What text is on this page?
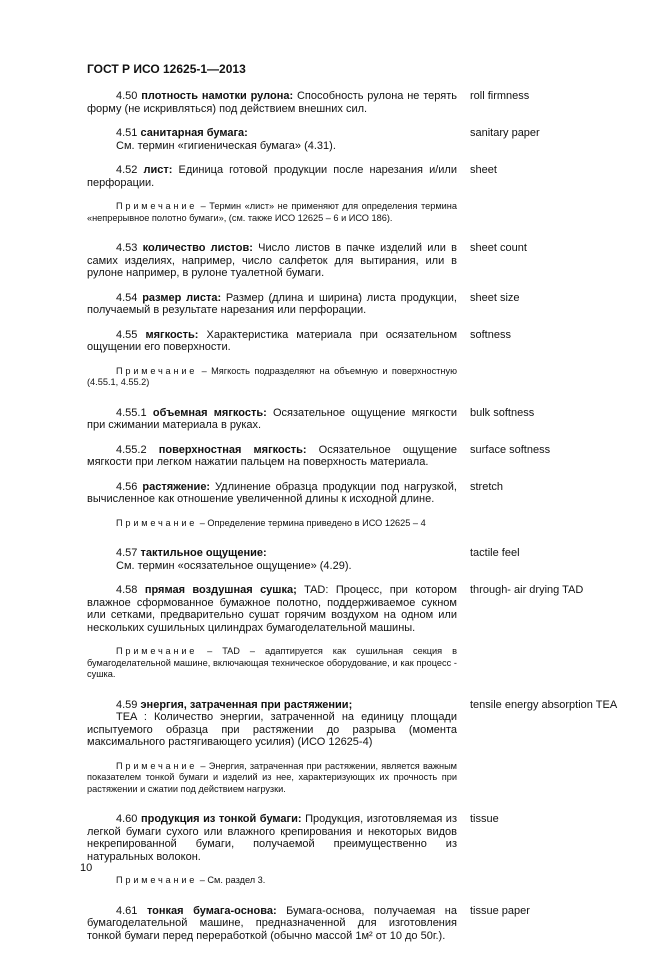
ГОСТ Р ИСО 12625-1—2013

4.50 плотность намотки рулона: Способность рулона не терять форму (не искривляться) под действием внешних сил.

roll firmness

4.51 санитарная бумага:

См. термин «гигиеническая бумага» (4.31).

sanitary paper

4.52 лист: Единица готовой продукции после нарезания и/или перфорации.

sheet

Примечание – Термин «лист» не применяют для определения термина «непрерывное полотно бумаги», (см. также ИСО 12625 – 6 и ИСО 186).

4.53 количество листов: Число листов в пачке изделий или в самих изделиях, например, число салфеток для вытирания, или в рулоне например, в рулоне туалетной бумаги.

sheet count

4.54 размер листа: Размер (длина и ширина) листа продукции, получаемый в результате нарезания или перфорации.

sheet size

4.55 мягкость: Характеристика материала при осязательном ощущении его поверхности.

softness

Примечание – Мягкость подразделяют на объемную и поверхностную (4.55.1, 4.55.2)

4.55.1 объемная мягкость: Осязательное ощущение мягкости при сжимании материала в руках.

bulk softness

4.55.2 поверхностная мягкость: Осязательное ощущение мягкости при легком нажатии пальцем на поверхность материала.

surface softness

4.56 растяжение: Удлинение образца продукции под нагрузкой, вычисленное как отношение увеличенной длины к исходной длине.

stretch

Примечание – Определение термина приведено в ИСО 12625 – 4

4.57 тактильное ощущение:

См. термин «осязательное ощущение» (4.29).

tactile feel

4.58 прямая воздушная сушка; TAD: Процесс, при котором влажное сформованное бумажное полотно, поддерживаемое сукном или сетками, предварительно сушат горячим воздухом на одном или нескольких сушильных цилиндрах бумагоделательной машины.

through- air drying TAD

Примечание – TAD – адаптируется как сушильная секция в бумагоделательной машине, включающая техническое оборудование, и как процесс - сушка.

4.59 энергия, затраченная при растяжении;

TEA : Количество энергии, затраченной на единицу площади испытуемого образца при растяжении до разрыва (момента максимального растягивающего усилия) (ИСО 12625-4)

tensile energy absorption TEA

Примечание – Энергия, затраченная при растяжении, является важным показателем тонкой бумаги и изделий из нее, характеризующих их прочность при растяжении и сжатии под действием нагрузки.

4.60 продукция из тонкой бумаги: Продукция, изготовляемая из легкой бумаги сухого или влажного крепирования и некоторых видов некрепированной бумаги, получаемой преимущественно из натуральных волокон.

tissue

Примечание – См. раздел 3.

4.61 тонкая бумага-основа: Бумага-основа, получаемая на бумагоделательной машине, предназначенной для изготовления тонкой бумаги перед переработкой (обычно массой 1м² от 10 до 50г.).

tissue paper
10
